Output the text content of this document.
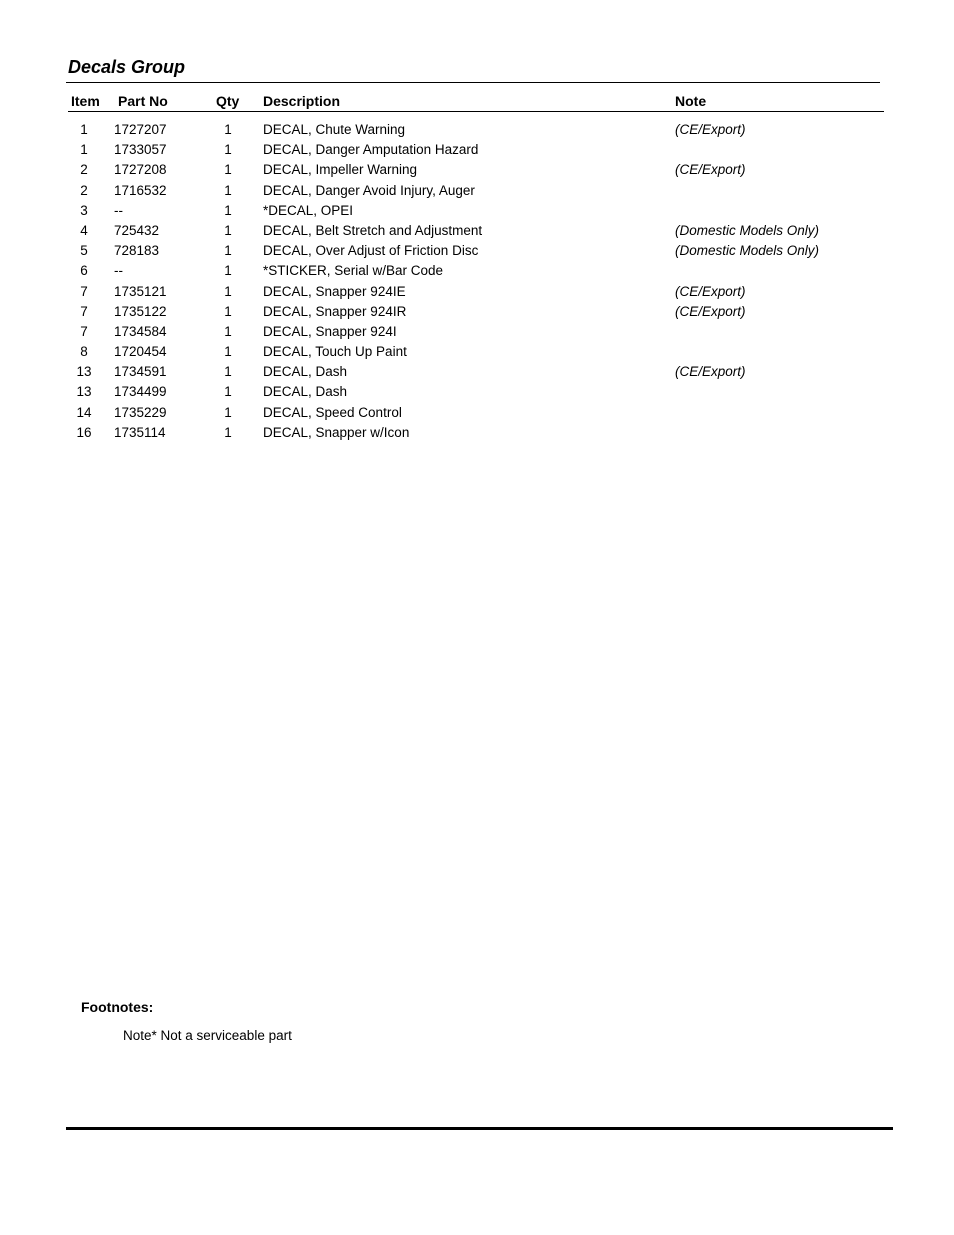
Decals Group
Item Part No	Qty Description	Note
1	1727207	1	DECAL, Chute Warning	(CE/Export)
1	1733057	1	DECAL, Danger Amputation Hazard
2	1727208	1	DECAL, Impeller Warning	(CE/Export)
2	1716532	1	DECAL, Danger Avoid Injury, Auger
3	--	1	*DECAL, OPEI
4	725432	1	DECAL, Belt Stretch and Adjustment	(Domestic Models Only)
5	728183	1	DECAL, Over Adjust of Friction Disc	(Domestic Models Only)
6	--	1	*STICKER, Serial w/Bar Code
7	1735121	1	DECAL, Snapper 924IE	(CE/Export)
7	1735122	1	DECAL, Snapper 924IR	(CE/Export)
7	1734584	1	DECAL, Snapper 924I
8	1720454	1	DECAL, Touch Up Paint
13	1734591	1	DECAL, Dash	(CE/Export)
13	1734499	1	DECAL, Dash
14	1735229	1	DECAL, Speed Control
16	1735114	1	DECAL, Snapper w/Icon
Footnotes:
Note* Not a serviceable part
